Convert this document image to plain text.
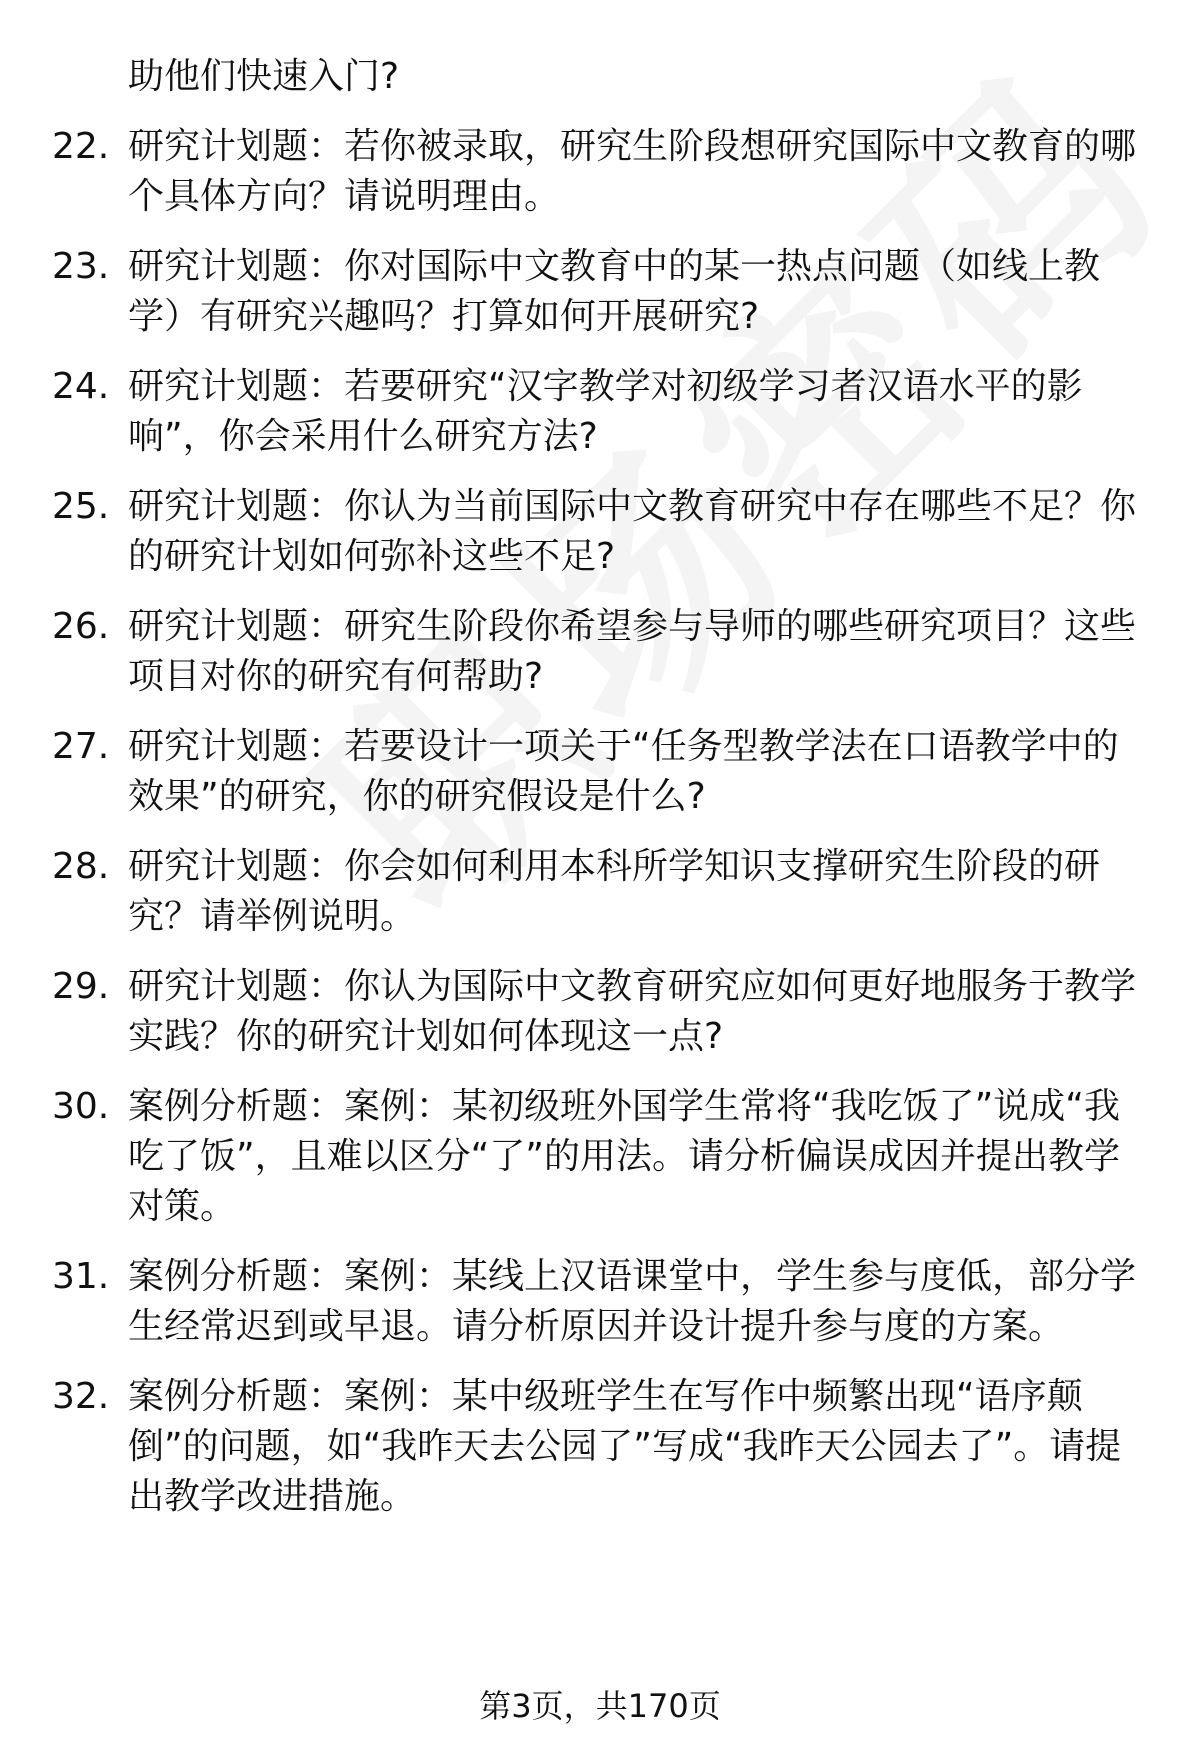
助他们快速入门?
22. 研究计划题：若你被录取，研究生阶段想研究国际中文教育的哪个具体方向？请说明理由。
23. 研究计划题：你对国际中文教育中的某一热点问题（如线上教学）有研究兴趣吗？打算如何开展研究?
24. 研究计划题：若要研究“汉字教学对初级学习者汉语水平的影响”，你会采用什么研究方法?
25. 研究计划题：你认为当前国际中文教育研究中存在哪些不足？你的研究计划如何弥补这些不足?
26. 研究计划题：研究生阶段你希望参与导师的哪些研究项目？这些项目对你的研究有何帮助?
27. 研究计划题：若要设计一项关于“任务型教学法在口语教学中的效果”的研究，你的研究假设是什么?
28. 研究计划题：你会如何利用本科所学知识支撑研究生阶段的研究？请举例说明。
29. 研究计划题：你认为国际中文教育研究应如何更好地服务于教学实践？你的研究计划如何体现这一点?
30. 案例分析题：案例：某初级班外国学生常将“我吃饭了”说成“我吃了饭”，且难以区分“了”的用法。请分析偏误成因并提出教学对策。
31. 案例分析题：案例：某线上汉语课堂中，学生参与度低，部分学生经常迟到或早退。请分析原因并设计提升参与度的方案。
32. 案例分析题：案例：某中级班学生在写作中频繁出现“语序颠倒”的问题，如“我昨天去公园了”写成“我昨天公园去了”。请提出教学改进措施。
第3页，共170页
